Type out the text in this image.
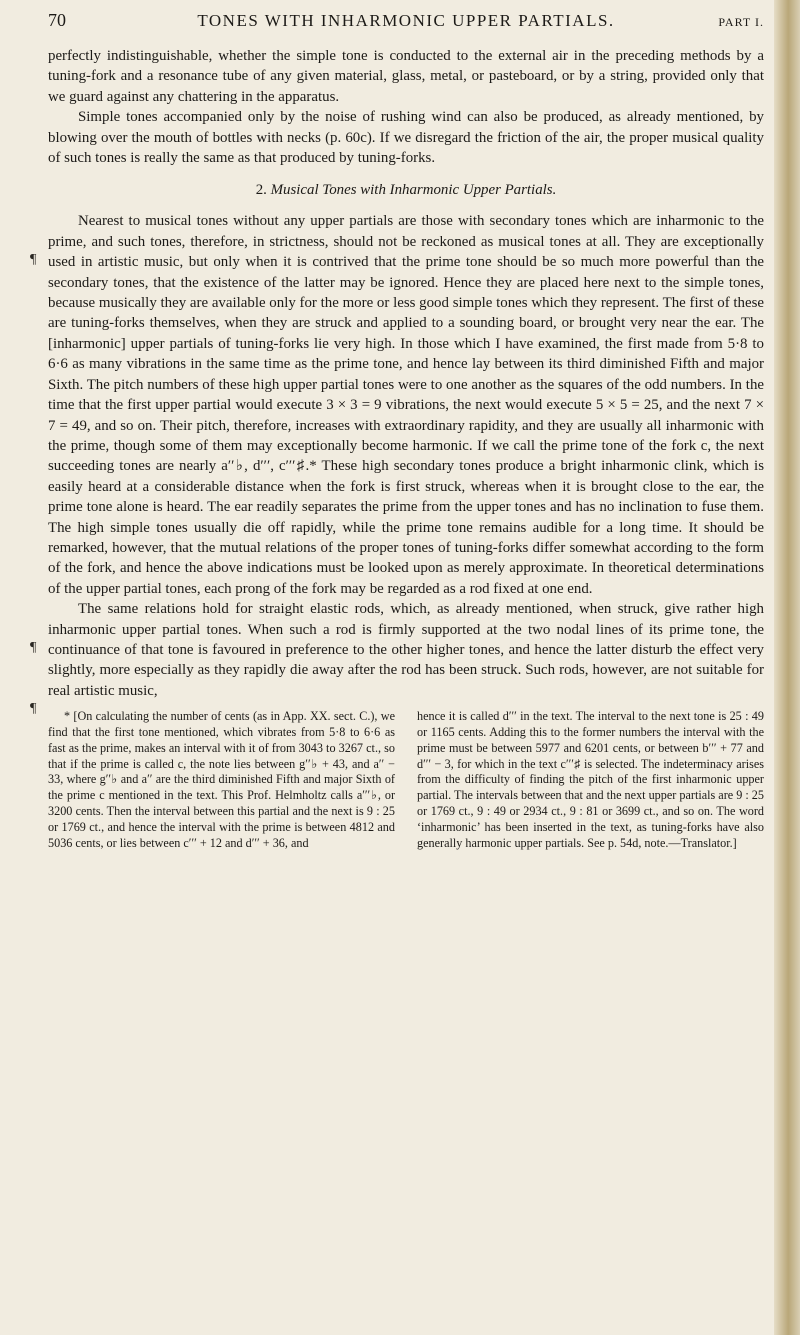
70	TONES WITH INHARMONIC UPPER PARTIALS.	PART I.

perfectly indistinguishable, whether the simple tone is conducted to the external air in the preceding methods by a tuning-fork and a resonance tube of any given material, glass, metal, or pasteboard, or by a string, provided only that we guard against any chattering in the apparatus.

Simple tones accompanied only by the noise of rushing wind can also be produced, as already mentioned, by blowing over the mouth of bottles with necks (p. 60c). If we disregard the friction of the air, the proper musical quality of such tones is really the same as that produced by tuning-forks.

2. Musical Tones with Inharmonic Upper Partials.
¶
¶

Nearest to musical tones without any upper partials are those with secondary tones which are inharmonic to the prime, and such tones, therefore, in strictness, should not be reckoned as musical tones at all. They are exceptionally used in artistic music, but only when it is contrived that the prime tone should be so much more powerful than the secondary tones, that the existence of the latter may be ignored. Hence they are placed here next to the simple tones, because musically they are available only for the more or less good simple tones which they represent. The first of these are tuning-forks themselves, when they are struck and applied to a sounding board, or brought very near the ear. The [inharmonic] upper partials of tuning-forks lie very high. In those which I have examined, the first made from 5·8 to 6·6 as many vibrations in the same time as the prime tone, and hence lay between its third diminished Fifth and major Sixth. The pitch numbers of these high upper partial tones were to one another as the squares of the odd numbers. In the time that the first upper partial would execute 3 × 3 = 9 vibrations, the next would execute 5 × 5 = 25, and the next 7 × 7 = 49, and so on. Their pitch, therefore, increases with extraordinary rapidity, and they are usually all inharmonic with the prime, though some of them may exceptionally become harmonic. If we call the prime tone of the fork c, the next succeeding tones are nearly a′′♭, d′′′, c′′′♯.* These high secondary tones produce a bright inharmonic clink, which is easily heard at a considerable distance when the fork is first struck, whereas when it is brought close to the ear, the prime tone alone is heard. The ear readily separates the prime from the upper tones and has no inclination to fuse them. The high simple tones usually die off rapidly, while the prime tone remains audible for a long time. It should be remarked, however, that the mutual relations of the proper tones of tuning-forks differ somewhat according to the form of the fork, and hence the above indications must be looked upon as merely approximate. In theoretical determinations of the upper partial tones, each prong of the fork may be regarded as a rod fixed at one end.

¶

The same relations hold for straight elastic rods, which, as already mentioned, when struck, give rather high inharmonic upper partial tones. When such a rod is firmly supported at the two nodal lines of its prime tone, the continuance of that tone is favoured in preference to the other higher tones, and hence the latter disturb the effect very slightly, more especially as they rapidly die away after the rod has been struck. Such rods, however, are not suitable for real artistic music,

* [On calculating the number of cents (as in App. XX. sect. C.), we find that the first tone mentioned, which vibrates from 5·8 to 6·6 as fast as the prime, makes an interval with it of from 3043 to 3267 ct., so that if the prime is called c, the note lies between g′′♭ + 43, and a′′ − 33, where g′′♭ and a′′ are the third diminished Fifth and major Sixth of the prime c mentioned in the text. This Prof. Helmholtz calls a′′′♭, or 3200 cents. Then the interval between this partial and the next is 9 : 25 or 1769 ct., and hence the interval with the prime is between 4812 and 5036 cents, or lies between c′′′ + 12 and d′′′ + 36, and

hence it is called d′′′ in the text. The interval to the next tone is 25 : 49 or 1165 cents. Adding this to the former numbers the interval with the prime must be between 5977 and 6201 cents, or between b′′′ + 77 and d′′′ − 3, for which in the text c′′′♯ is selected. The indeterminacy arises from the difficulty of finding the pitch of the first inharmonic upper partial. The intervals between that and the next upper partials are 9 : 25 or 1769 ct., 9 : 49 or 2934 ct., 9 : 81 or 3699 ct., and so on. The word ‘inharmonic’ has been inserted in the text, as tuning-forks have also generally harmonic upper partials. See p. 54d, note.—Translator.]
